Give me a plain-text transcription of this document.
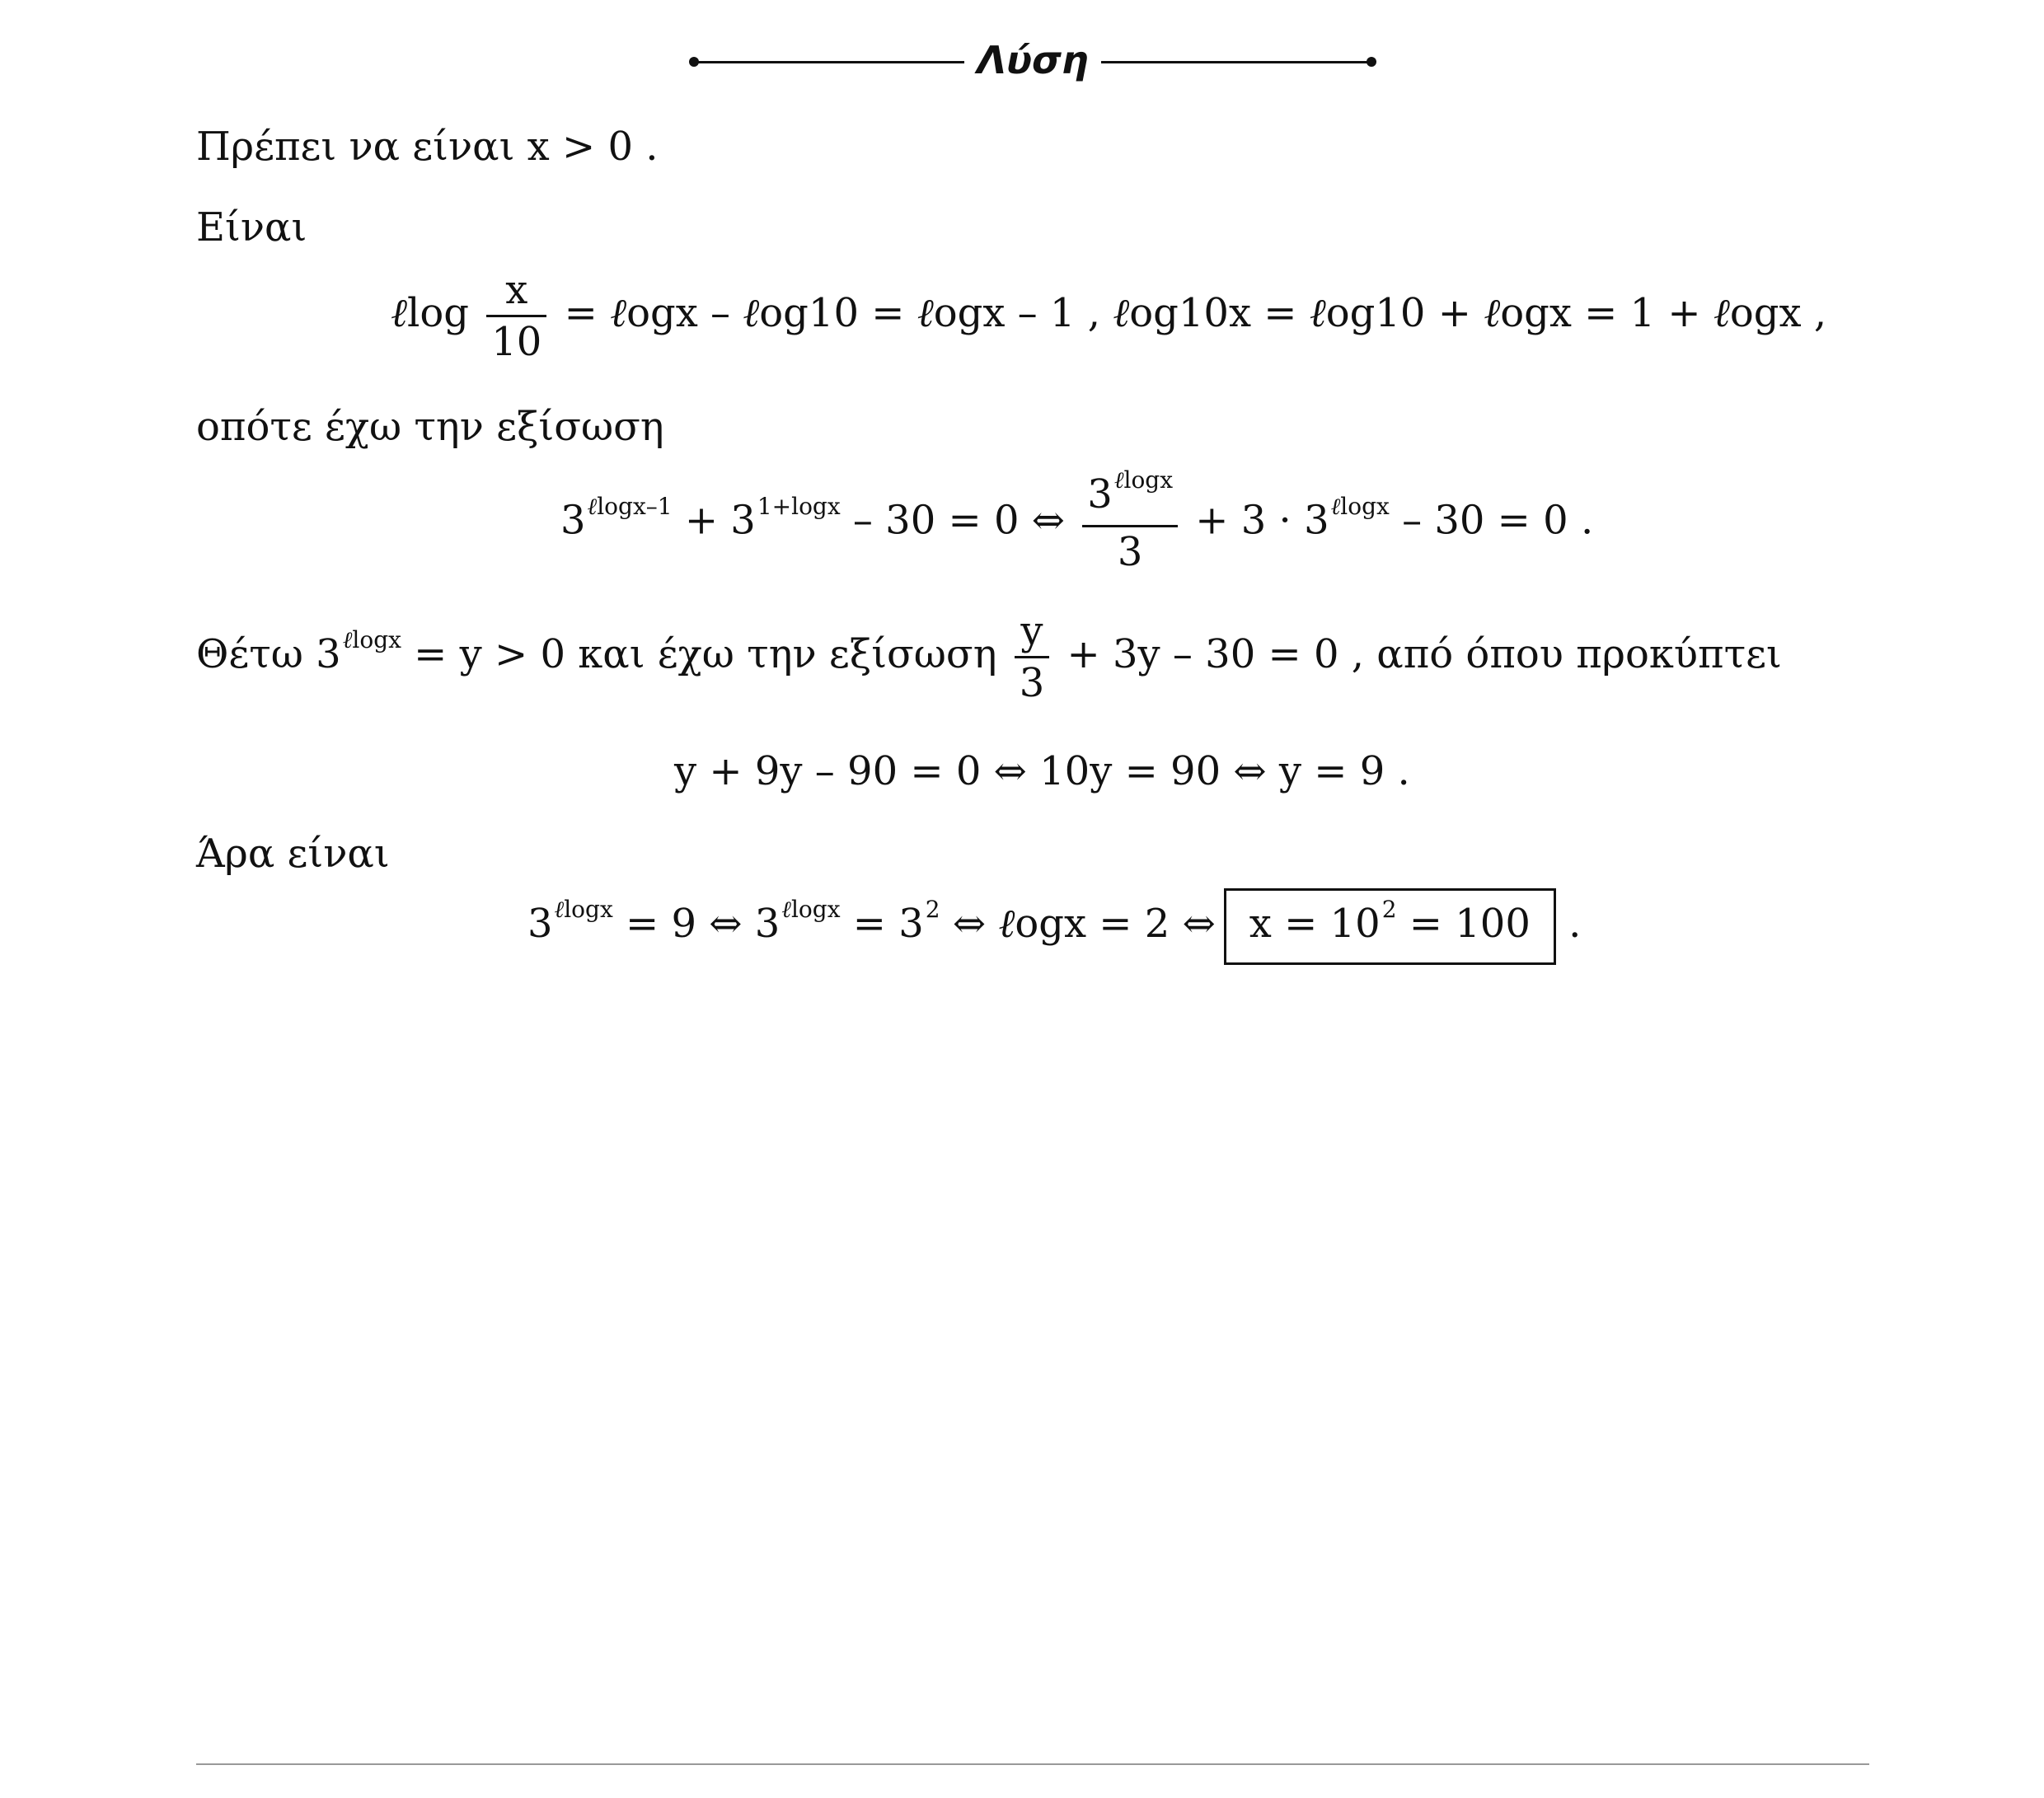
Λύση
Πρέπει να είναι x > 0 .
Είναι
ℓlog $\frac{x}{10}$ = ℓogx – ℓog10 = ℓogx – 1 , ℓog10x = ℓog10 + ℓogx = 1 + ℓogx ,
οπότε έχω την εξίσωση
$3^{\ell logx-1} + 3^{1+logx} - 30 = 0$ ⇔ $\frac{3^{\ell logx}}{3} + 3 \cdot 3^{\ell logx} - 30 = 0$ .
Θέτω $3^{\ell logx} = y > 0$ και έχω την εξίσωση $\frac{y}{3} + 3y - 30 = 0$ , από όπου προκύπτει
y + 9y – 90 = 0 ⇔ 10y = 90 ⇔ y = 9 .
Άρα είναι
$3^{\ell logx} = 9$ ⇔ $3^{\ell logx} = 3^2$ ⇔ ℓogx = 2 ⇔ $x = 10^2 = 100$ .
